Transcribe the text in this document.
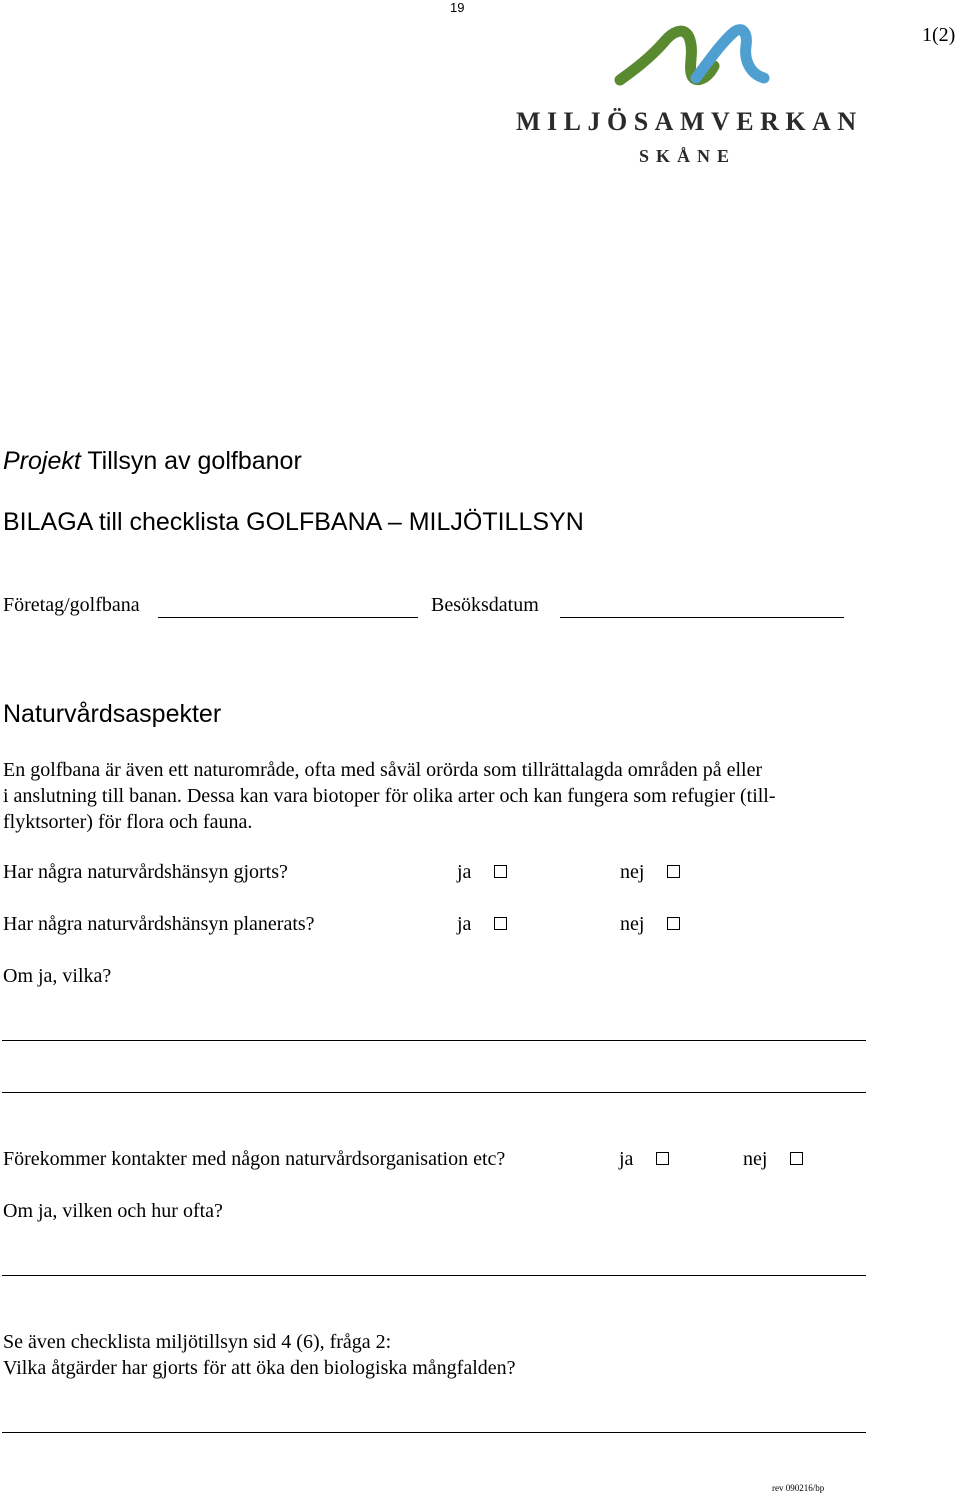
19
1(2)
MILJÖSAMVERKAN
SKÅNE
Projekt Tillsyn av golfbanor
BILAGA till checklista GOLFBANA – MILJÖTILLSYN
Företag/golfbana	Besöksdatum
Naturvårdsaspekter
En golfbana är även ett naturområde, ofta med såväl orörda som tillrättalagda områden på eller
i anslutning till banan. Dessa kan vara biotoper för olika arter och kan fungera som refugier (till-
flyktsorter) för flora och fauna.
Har några naturvårdshänsyn gjorts?	ja	nej
Har några naturvårdshänsyn planerats?	ja	nej
Om ja, vilka?
Förekommer kontakter med någon naturvårdsorganisation etc?	ja	nej
Om ja, vilken och hur ofta?
Se även checklista miljötillsyn sid 4 (6), fråga 2:
Vilka åtgärder har gjorts för att öka den biologiska mångfalden?
rev 090216/bp
